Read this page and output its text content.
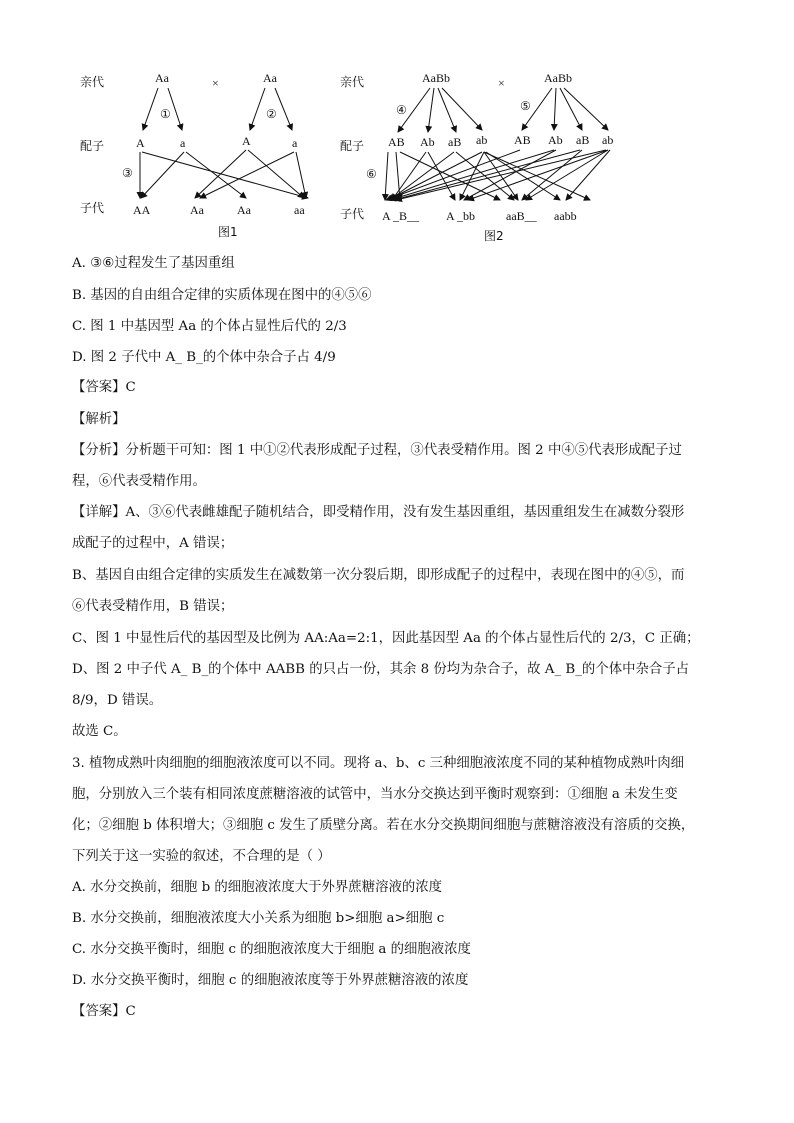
亲代
配子
子代
Aa	×	Aa
①	②
③
A	a	A	a
AA	Aa	Aa	aa
图1
亲代
配子
子代
AaBb	×	AaBb
④	⑤
⑥
AB Ab aB ab AB Ab aB ab
A _B__ A _bb	aaB__ aabb
图2
A. ③⑥过程发生了基因重组
B. 基因的自由组合定律的实质体现在图中的④⑤⑥
C. 图 1 中基因型 Aa 的个体占显性后代的 2/3
D. 图 2 子代中 A_ B_的个体中杂合子占 4/9
【答案】C
【解析】
【分析】分析题干可知：图 1 中①②代表形成配子过程，③代表受精作用。图 2 中④⑤代表形成配子过
程，⑥代表受精作用。
【详解】A、③⑥代表雌雄配子随机结合，即受精作用，没有发生基因重组，基因重组发生在减数分裂形
成配子的过程中，A 错误；
B、基因自由组合定律的实质发生在减数第一次分裂后期，即形成配子的过程中，表现在图中的④⑤，而
⑥代表受精作用，B 错误；
C、图 1 中显性后代的基因型及比例为 AA:Aa=2:1，因此基因型 Aa 的个体占显性后代的 2/3，C 正确；
D、图 2 中子代 A_ B_的个体中 AABB 的只占一份，其余 8 份均为杂合子，故 A_ B_的个体中杂合子占
8/9，D 错误。
故选 C。
3. 植物成熟叶肉细胞的细胞液浓度可以不同。现将 a、b、c 三种细胞液浓度不同的某种植物成熟叶肉细
胞，分别放入三个装有相同浓度蔗糖溶液的试管中，当水分交换达到平衡时观察到：①细胞 a 未发生变
化；②细胞 b 体积增大；③细胞 c 发生了质壁分离。若在水分交换期间细胞与蔗糖溶液没有溶质的交换，
下列关于这一实验的叙述，不合理的是（ ）
A. 水分交换前，细胞 b 的细胞液浓度大于外界蔗糖溶液的浓度
B. 水分交换前，细胞液浓度大小关系为细胞 b>细胞 a>细胞 c
C. 水分交换平衡时，细胞 c 的细胞液浓度大于细胞 a 的细胞液浓度
D. 水分交换平衡时，细胞 c 的细胞液浓度等于外界蔗糖溶液的浓度
【答案】C
